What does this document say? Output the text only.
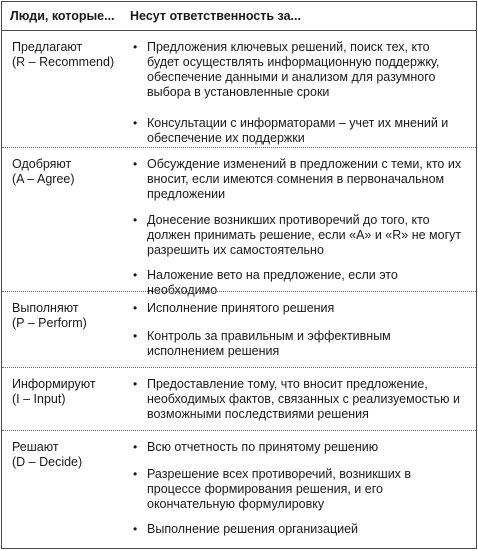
Люди, которые... Несут ответственность за...
Предлагают
(R – Recommend)
• Предложения ключевых решений, поиск тех, кто будет осуществлять информационную поддержку, обеспечение данными и анализом для разумного выбора в установленные сроки
• Консультации с информаторами – учет их мнений и обеспечение их поддержки
Одобряют
(A – Agree)
• Обсуждение изменений в предложении с теми, кто их вносит, если имеются сомнения в первоначальном предложении
• Донесение возникших противоречий до того, кто должен принимать решение, если «A» и «R» не могут разрешить их самостоятельно
• Наложение вето на предложение, если это необходимо
Выполняют
(P – Perform)
• Исполнение принятого решения
• Контроль за правильным и эффективным исполнением решения
Информируют
(I – Input)
• Предоставление тому, что вносит предложение, необходимых фактов, связанных с реализуемостью и возможными последствиями решения
Решают
(D – Decide)
• Всю отчетность по принятому решению
• Разрешение всех противоречий, возникших в процессе формирования решения, и его окончательную формулировку
• Выполнение решения организацией
